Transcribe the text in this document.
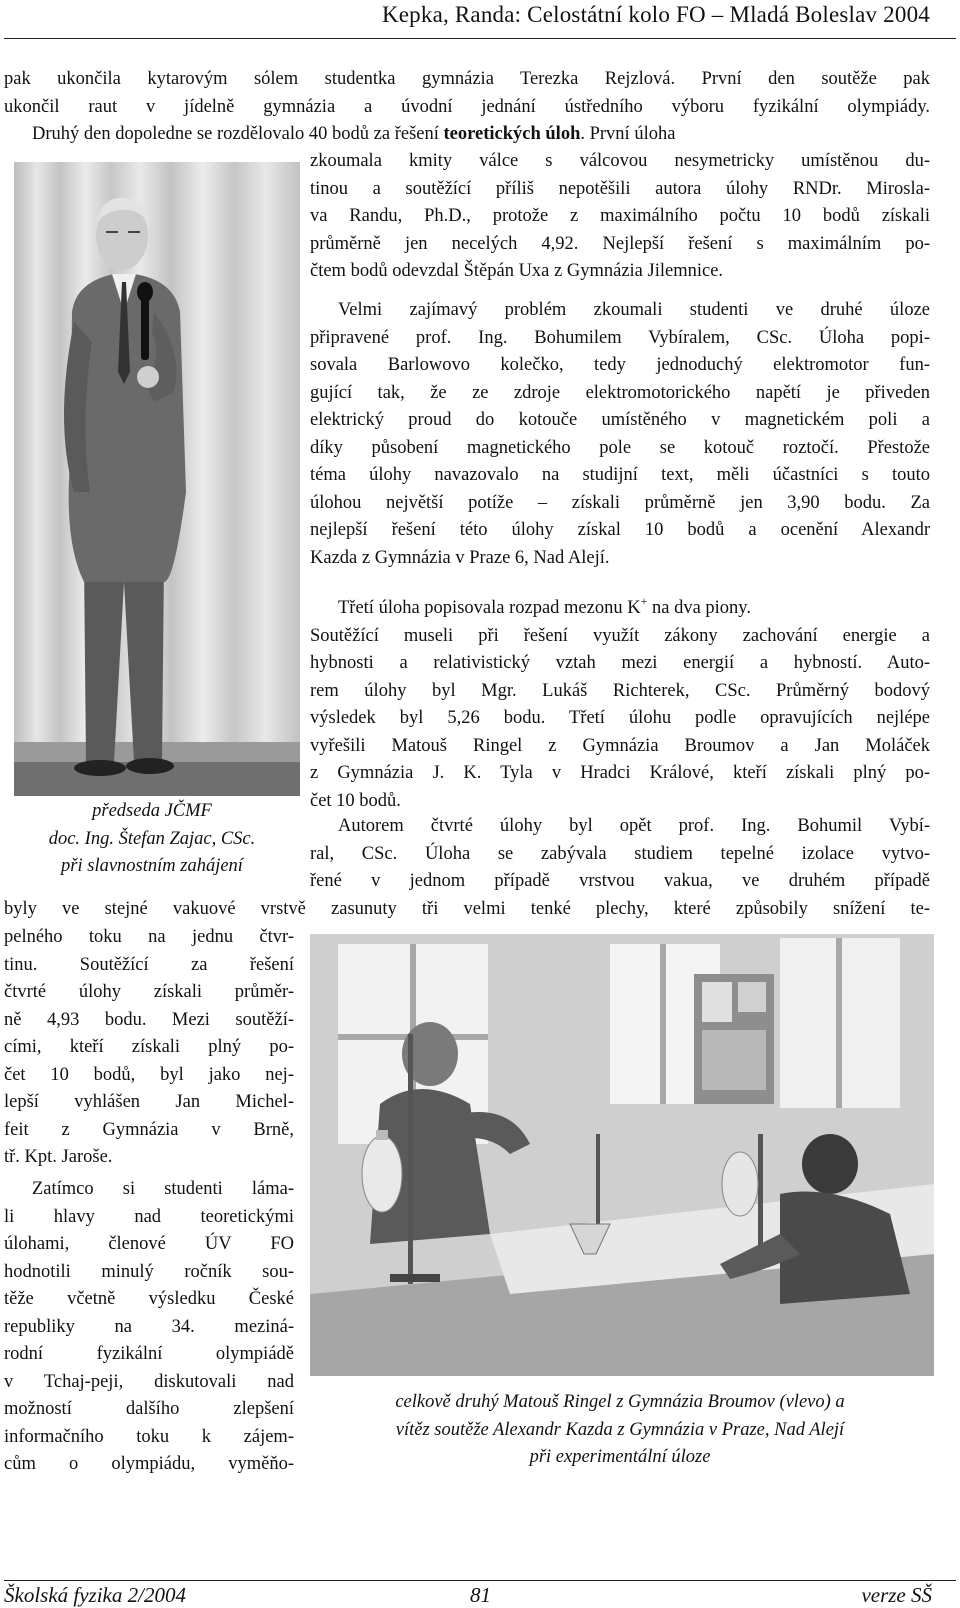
Kepka, Randa: Celostátní kolo FO – Mladá Boleslav 2004
pak ukončila kytarovým sólem studentka gymnázia Terezka Rejzlová. První den soutěže pak
ukončil raut v jídelně gymnázia a úvodní jednání ústředního výboru fyzikální olympiády.
Druhý den dopoledne se rozdělovalo 40 bodů za řešení teoretických úloh. První úloha
zkoumala kmity válce s válcovou nesymetricky umístěnou du-
tinou a soutěžící příliš nepotěšili autora úlohy RNDr. Mirosla-
va Randu, Ph.D., protože z maximálního počtu 10 bodů získali
průměrně jen necelých 4,92. Nejlepší řešení s maximálním po-
čtem bodů odevzdal Štěpán Uxa z Gymnázia Jilemnice.
Velmi zajímavý problém zkoumali studenti ve druhé úloze
připravené prof. Ing. Bohumilem Vybíralem, CSc. Úloha popi-
sovala Barlowovo kolečko, tedy jednoduchý elektromotor fun-
gující tak, že ze zdroje elektromotorického napětí je přiveden
elektrický proud do kotouče umístěného v magnetickém poli a
díky působení magnetického pole se kotouč roztočí. Přestože
téma úlohy navazovalo na studijní text, měli účastníci s touto
úlohou největší potíže – získali průměrně jen 3,90 bodu. Za
nejlepší řešení této úlohy získal 10 bodů a ocenění Alexandr
Kazda z Gymnázia v Praze 6, Nad Alejí.
Třetí úloha popisovala rozpad mezonu K+ na dva piony.
Soutěžící museli při řešení využít zákony zachování energie a
hybnosti a relativistický vztah mezi energií a hybností. Auto-
rem úlohy byl Mgr. Lukáš Richterek, CSc. Průměrný bodový
výsledek byl 5,26 bodu. Třetí úlohu podle opravujících nejlépe
vyřešili Matouš Ringel z Gymnázia Broumov a Jan Moláček
z Gymnázia J. K. Tyla v Hradci Králové, kteří získali plný po-
čet 10 bodů.
předseda JČMF
doc. Ing. Štefan Zajac, CSc.
při slavnostním zahájení
Autorem čtvrté úlohy byl opět prof. Ing. Bohumil Vybí-
ral, CSc. Úloha se zabývala studiem tepelné izolace vytvo-
řené v jednom případě vrstvou vakua, ve druhém případě
byly ve stejné vakuové vrstvě zasunuty tři velmi tenké plechy, které způsobily snížení te-
pelného toku na jednu čtvr-
tinu. Soutěžící za řešení
čtvrté úlohy získali průměr-
ně 4,93 bodu. Mezi soutěží-
cími, kteří získali plný po-
čet 10 bodů, byl jako nej-
lepší vyhlášen Jan Michel-
feit z Gymnázia v Brně,
tř. Kpt. Jaroše.
Zatímco si studenti láma-
li hlavy nad teoretickými
úlohami, členové ÚV FO
hodnotili minulý ročník sou-
těže včetně výsledku České
republiky na 34. meziná-
rodní fyzikální olympiádě
v Tchaj-peji, diskutovali nad
možností dalšího zlepšení
informačního toku k zájem-
cům o olympiádu, vyměňo-
celkově druhý Matouš Ringel z Gymnázia Broumov (vlevo) a
vítěz soutěže Alexandr Kazda z Gymnázia v Praze, Nad Alejí
při experimentální úloze
Školská fyzika 2/2004	81	verze SŠ
